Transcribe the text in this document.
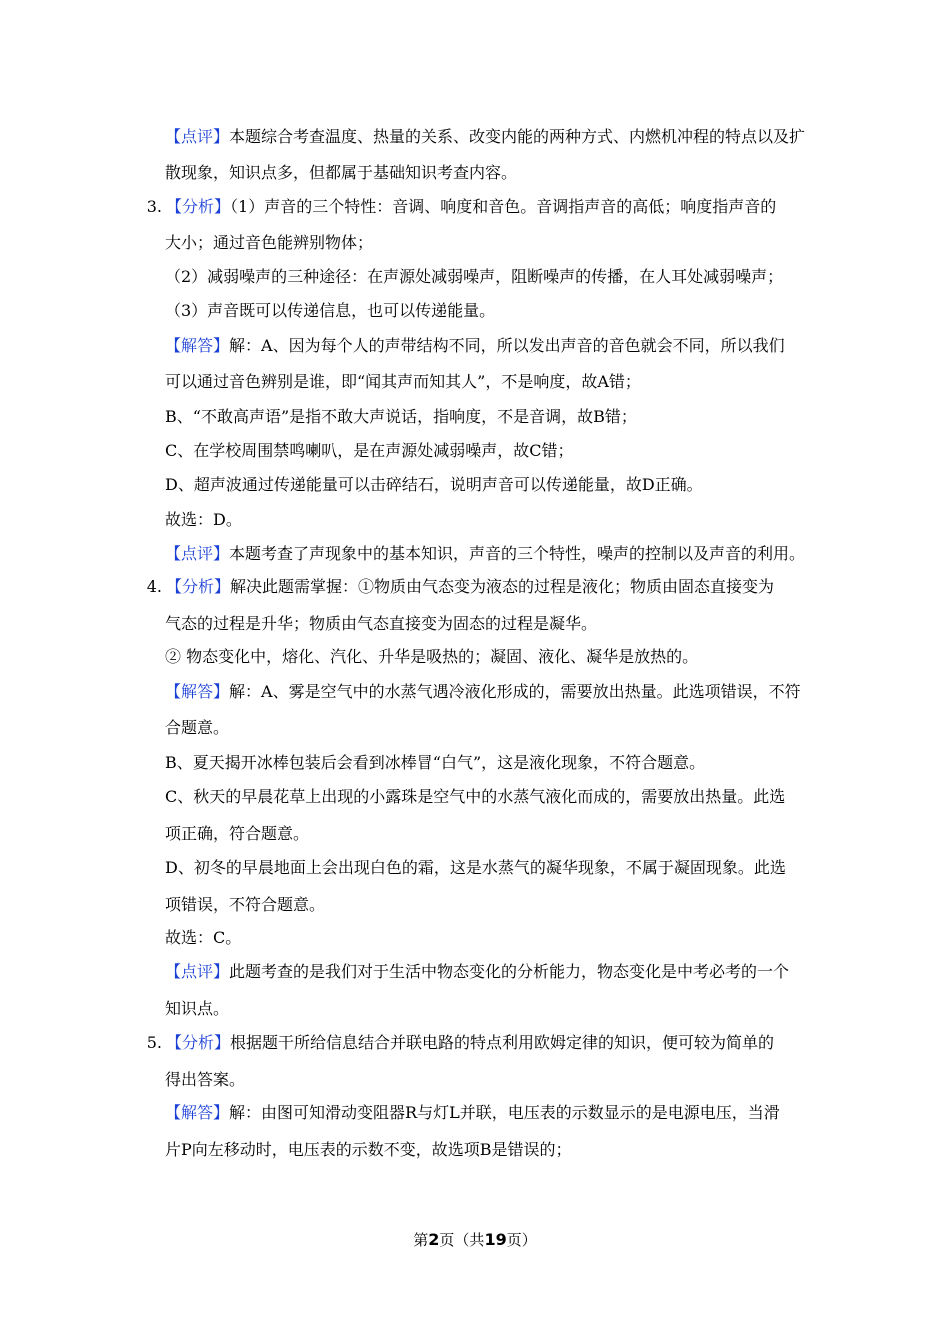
【点评】本题综合考查温度、热量的关系、改变内能的两种方式、内燃机冲程的特点以及扩
散现象，知识点多，但都属于基础知识考查内容。
3. 【分析】（1）声音的三个特性：音调、响度和音色。音调指声音的高低；响度指声音的
大小；通过音色能辨别物体；
（2）减弱噪声的三种途径：在声源处减弱噪声，阻断噪声的传播，在人耳处减弱噪声；
（3）声音既可以传递信息，也可以传递能量。
【解答】解：A、因为每个人的声带结构不同，所以发出声音的音色就会不同，所以我们
可以通过音色辨别是谁，即“闻其声而知其人”，不是响度，故A错；
B、“不敢高声语”是指不敢大声说话，指响度，不是音调，故B错；
C、在学校周围禁鸣喇叭，是在声源处减弱噪声，故C错；
D、超声波通过传递能量可以击碎结石，说明声音可以传递能量，故D正确。
故选：D。
【点评】本题考查了声现象中的基本知识，声音的三个特性，噪声的控制以及声音的利用。
4. 【分析】解决此题需掌握：①物质由气态变为液态的过程是液化；物质由固态直接变为
气态的过程是升华；物质由气态直接变为固态的过程是凝华。
② 物态变化中，熔化、汽化、升华是吸热的；凝固、液化、凝华是放热的。
【解答】解：A、雾是空气中的水蒸气遇冷液化形成的，需要放出热量。此选项错误，不符
合题意。
B、夏天揭开冰棒包装后会看到冰棒冒“白气”，这是液化现象，不符合题意。
C、秋天的早晨花草上出现的小露珠是空气中的水蒸气液化而成的，需要放出热量。此选
项正确，符合题意。
D、初冬的早晨地面上会出现白色的霜，这是水蒸气的凝华现象，不属于凝固现象。此选
项错误，不符合题意。
故选：C。
【点评】此题考查的是我们对于生活中物态变化的分析能力，物态变化是中考必考的一个
知识点。
5. 【分析】根据题干所给信息结合并联电路的特点利用欧姆定律的知识，便可较为简单的
得出答案。
【解答】解：由图可知滑动变阻器R与灯L并联，电压表的示数显示的是电源电压，当滑
片P向左移动时，电压表的示数不变，故选项B是错误的；
第2页（共19页）
